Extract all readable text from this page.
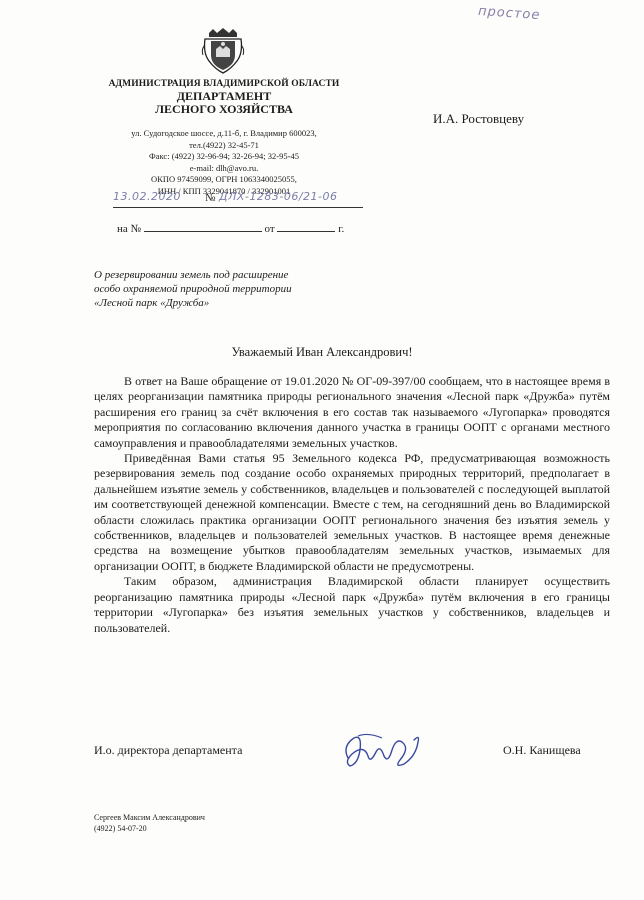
простое
АДМИНИСТРАЦИЯ ВЛАДИМИРСКОЙ ОБЛАСТИ
ДЕПАРТАМЕНТ
ЛЕСНОГО ХОЗЯЙСТВА
ул. Судогодское шоссе, д.11-б, г. Владимир 600023,
тел.(4922) 32-45-71
Факс: (4922) 32-96-94; 32-26-94; 32-95-45
e-mail: dlh@avo.ru.
ОКПО 97459099, ОГРН 1063340025055,
ИНН / КПП 3329041870 / 332901001
13.02.2020 № ДЛХ-1283-06/21-06
на №	от	г.
И.А. Ростовцеву
О резервировании земель под расширение
особо охраняемой природной территории
«Лесной парк «Дружба»
Уважаемый Иван Александрович!

В ответ на Ваше обращение от 19.01.2020 № ОГ-09-397/00 сообщаем, что в настоящее время в целях реорганизации памятника природы регионального значения «Лесной парк «Дружба» путём расширения его границ за счёт включения в его состав так называемого «Лугопарка» проводятся мероприятия по согласованию включения данного участка в границы ООПТ с органами местного самоуправления и правообладателями земельных участков.

Приведённая Вами статья 95 Земельного кодекса РФ, предусматривающая возможность резервирования земель под создание особо охраняемых природных территорий, предполагает в дальнейшем изъятие земель у собственников, владельцев и пользователей с последующей выплатой им соответствующей денежной компенсации. Вместе с тем, на сегодняшний день во Владимирской области сложилась практика организации ООПТ регионального значения без изъятия земель у собственников, владельцев и пользователей земельных участков. В настоящее время денежные средства на возмещение убытков правообладателям земельных участков, изымаемых для организации ООПТ, в бюджете Владимирской области не предусмотрены.

Таким образом, администрация Владимирской области планирует осуществить реорганизацию памятника природы «Лесной парк «Дружба» путём включения в его границы территории «Лугопарка» без изъятия земельных участков у собственников, владельцев и пользователей.

И.о. директора департамента	О.Н. Канищева
Сергеев Максим Александрович
(4922) 54-07-20
